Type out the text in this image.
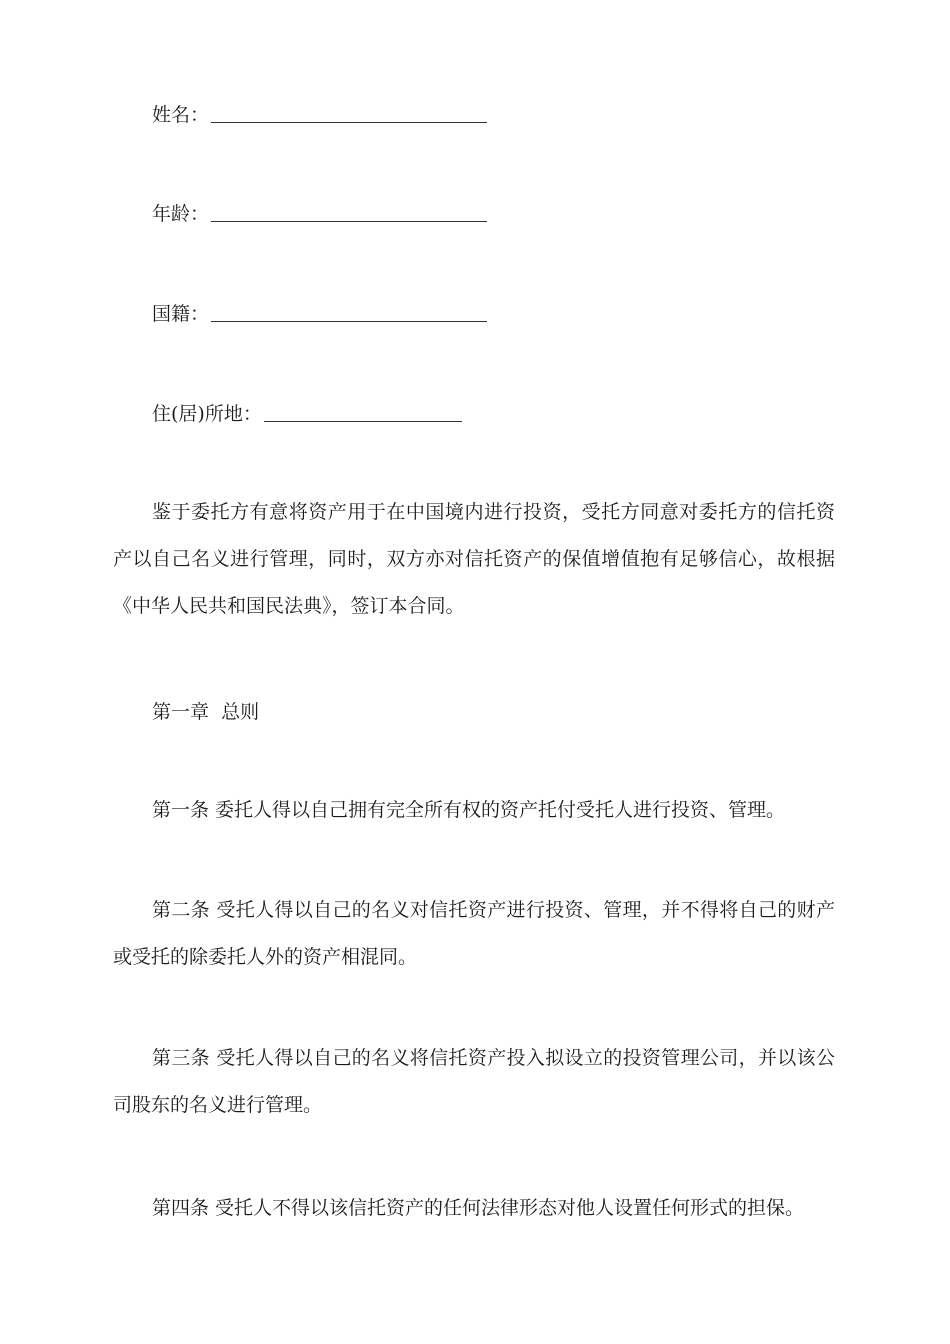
姓名：
年龄：
国籍：
住(居)所地：

鉴于委托方有意将资产用于在中国境内进行投资，受托方同意对委托方的信托资产以自己名义进行管理，同时，双方亦对信托资产的保值增值抱有足够信心，故根据《中华人民共和国民法典》，签订本合同。

第一章  总则

第一条 委托人得以自己拥有完全所有权的资产托付受托人进行投资、管理。

第二条 受托人得以自己的名义对信托资产进行投资、管理，并不得将自己的财产或受托的除委托人外的资产相混同。

第三条 受托人得以自己的名义将信托资产投入拟设立的投资管理公司，并以该公司股东的名义进行管理。

第四条 受托人不得以该信托资产的任何法律形态对他人设置任何形式的担保。
